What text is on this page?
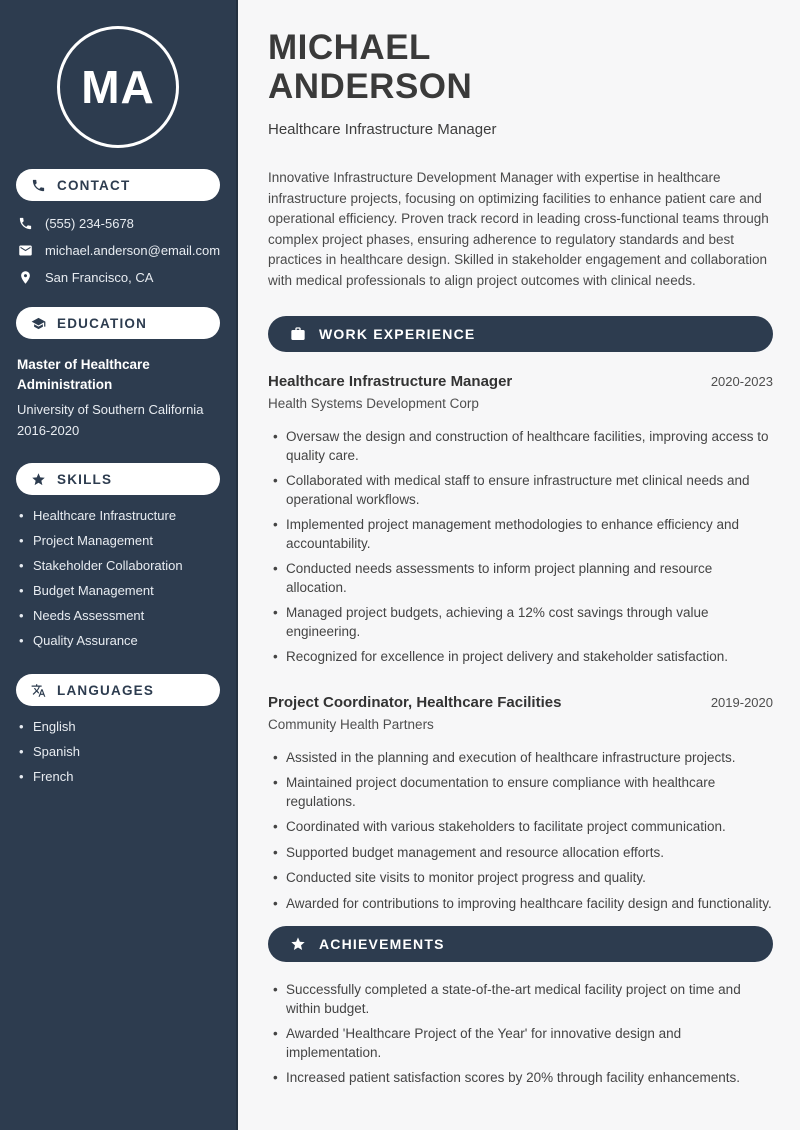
MA
CONTACT
(555) 234-5678
michael.anderson@email.com
San Francisco, CA
EDUCATION
Master of Healthcare Administration
University of Southern California
2016-2020
SKILLS
• Healthcare Infrastructure
• Project Management
• Stakeholder Collaboration
• Budget Management
• Needs Assessment
• Quality Assurance
LANGUAGES
• English
• Spanish
• French
MICHAEL
ANDERSON

Healthcare Infrastructure Manager

Innovative Infrastructure Development Manager with expertise in healthcare infrastructure projects, focusing on optimizing facilities to enhance patient care and operational efficiency. Proven track record in leading cross-functional teams through complex project phases, ensuring adherence to regulatory standards and best practices in healthcare design. Skilled in stakeholder engagement and collaboration with medical professionals to align project outcomes with clinical needs.

WORK EXPERIENCE
Healthcare Infrastructure Manager	2020-2023

Health Systems Development Corp

• Oversaw the design and construction of healthcare facilities, improving access to quality care.
• Collaborated with medical staff to ensure infrastructure met clinical needs and operational workflows.
• Implemented project management methodologies to enhance efficiency and accountability.
• Conducted needs assessments to inform project planning and resource allocation.
• Managed project budgets, achieving a 12% cost savings through value engineering.
• Recognized for excellence in project delivery and stakeholder satisfaction.
Project Coordinator, Healthcare Facilities	2019-2020

Community Health Partners

• Assisted in the planning and execution of healthcare infrastructure projects.
• Maintained project documentation to ensure compliance with healthcare regulations.
• Coordinated with various stakeholders to facilitate project communication.
• Supported budget management and resource allocation efforts.
• Conducted site visits to monitor project progress and quality.
• Awarded for contributions to improving healthcare facility design and functionality.
ACHIEVEMENTS
• Successfully completed a state-of-the-art medical facility project on time and within budget.
• Awarded 'Healthcare Project of the Year' for innovative design and implementation.
• Increased patient satisfaction scores by 20% through facility enhancements.
